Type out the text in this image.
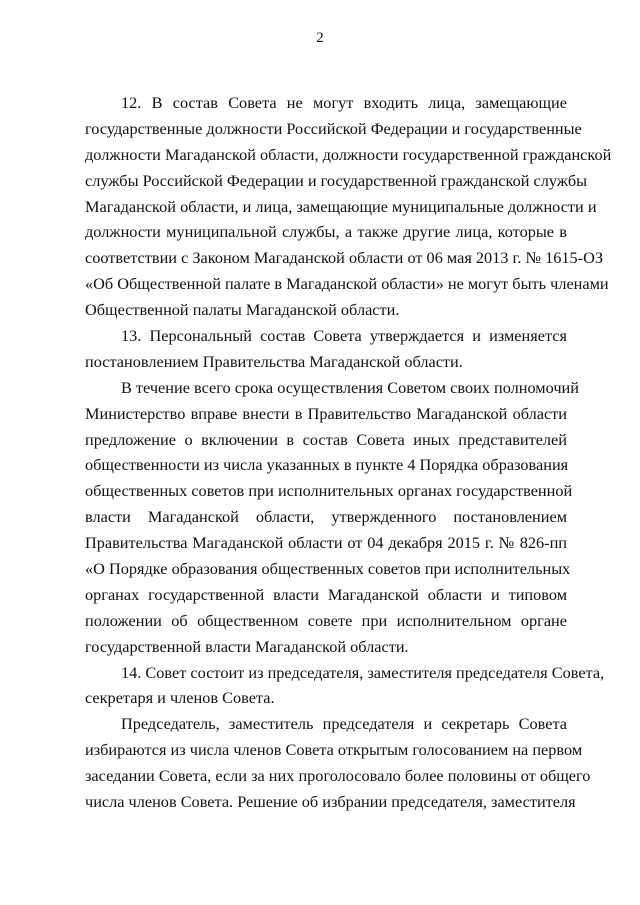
2
12. В состав Совета не могут входить лица, замещающие
государственные должности Российской Федерации и государственные
должности Магаданской области, должности государственной гражданской
службы Российской Федерации и государственной гражданской службы
Магаданской области, и лица, замещающие муниципальные должности и
должности муниципальной службы, а также другие лица, которые в
соответствии с Законом Магаданской области от 06 мая 2013 г. № 1615-ОЗ
«Об Общественной палате в Магаданской области» не могут быть членами
Общественной палаты Магаданской области.
13. Персональный состав Совета утверждается и изменяется
постановлением Правительства Магаданской области.
В течение всего срока осуществления Советом своих полномочий
Министерство вправе внести в Правительство Магаданской области
предложение о включении в состав Совета иных представителей
общественности из числа указанных в пункте 4 Порядка образования
общественных советов при исполнительных органах государственной
власти Магаданской области, утвержденного постановлением
Правительства Магаданской области от 04 декабря 2015 г. № 826-пп
«О Порядке образования общественных советов при исполнительных
органах государственной власти Магаданской области и типовом
положении об общественном совете при исполнительном органе
государственной власти Магаданской области.
14. Совет состоит из председателя, заместителя председателя Совета,
секретаря и членов Совета.
Председатель, заместитель председателя и секретарь Совета
избираются из числа членов Совета открытым голосованием на первом
заседании Совета, если за них проголосовало более половины от общего
числа членов Совета. Решение об избрании председателя, заместителя
